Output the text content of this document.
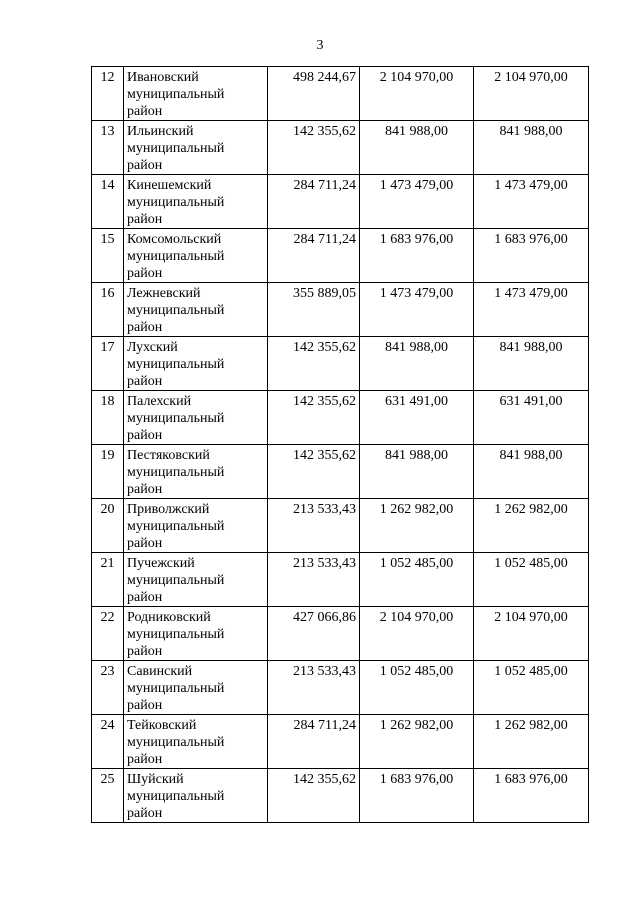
3
12	Ивановский
муниципальный
район	498 244,67	2 104 970,00	2 104 970,00
13	Ильинский
муниципальный
район	142 355,62	841 988,00	841 988,00
14	Кинешемский
муниципальный
район	284 711,24	1 473 479,00	1 473 479,00
15	Комсомольский
муниципальный
район	284 711,24	1 683 976,00	1 683 976,00
16	Лежневский
муниципальный
район	355 889,05	1 473 479,00	1 473 479,00
17	Лухский
муниципальный
район	142 355,62	841 988,00	841 988,00
18	Палехский
муниципальный
район	142 355,62	631 491,00	631 491,00
19	Пестяковский
муниципальный
район	142 355,62	841 988,00	841 988,00
20	Приволжский
муниципальный
район	213 533,43	1 262 982,00	1 262 982,00
21	Пучежский
муниципальный
район	213 533,43	1 052 485,00	1 052 485,00
22	Родниковский
муниципальный
район	427 066,86	2 104 970,00	2 104 970,00
23	Савинский
муниципальный
район	213 533,43	1 052 485,00	1 052 485,00
24	Тейковский
муниципальный
район	284 711,24	1 262 982,00	1 262 982,00
25	Шуйский
муниципальный
район	142 355,62	1 683 976,00	1 683 976,00
